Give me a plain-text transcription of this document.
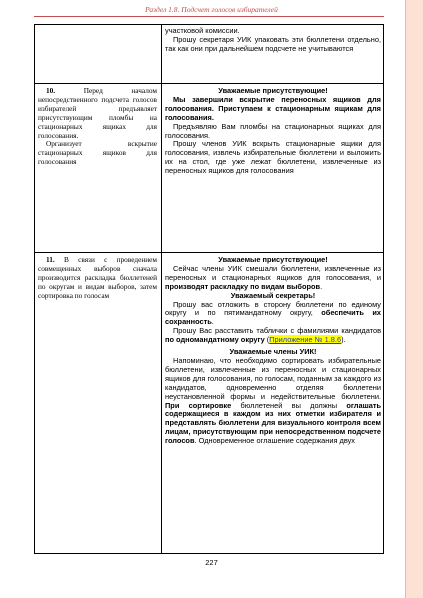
Раздел 1.8. Подсчет голосов избирателей

участковой комиссии.

Прошу секретаря УИК упаковать эти бюллетени отдельно, так как они при дальнейшем подсчете не учитываются

10.	Перед началом непосредственного подсчета голосов избирателей предъявляет присутствующим пломбы на стационарных ящиках для голосования.

Организует вскрытие стационарных ящиков для голосования

Уважаемые присутствующие!

Мы завершили вскрытие переносных ящиков для голосования. Приступаем к стационарным ящикам для голосования.

Предъявляю Вам пломбы на стационарных ящиках для голосования.

Прошу членов УИК вскрыть стационарные ящики для голосования, извлечь избирательные бюллетени и выложить их на стол, где уже лежат бюллетени, извлеченные из переносных ящиков для голосования

11. В связи с проведением совмещенных выборов сначала производится раскладка бюллетеней по округам и видам выборов, затем сортировка по голосам

Уважаемые присутствующие!

Сейчас члены УИК смешали бюллетени, извлеченные из переносных и стационарных ящиков для голосования, и производят раскладку по видам выборов.

Уважаемый секретарь!

Прошу вас отложить в сторону бюллетени по единому округу и по пятимандатному округу, обеспечить их сохранность.

Прошу Вас расставить таблички с фамилиями кандидатов по одномандатному округу (Приложение № 1.8.6).

Уважаемые члены УИК!

Напоминаю, что необходимо сортировать избирательные бюллетени, извлеченные из переносных и стационарных ящиков для голосования, по голосам, поданным за каждого из кандидатов, одновременно отделяя бюллетени неустановленной формы и недействительные бюллетени. При сортировке бюллетеней вы должны оглашать содержащиеся в каждом из них отметки избирателя и представлять бюллетени для визуального контроля всем лицам, присутствующим при непосредственном подсчете голосов. Одновременное оглашение содержания двух

227
